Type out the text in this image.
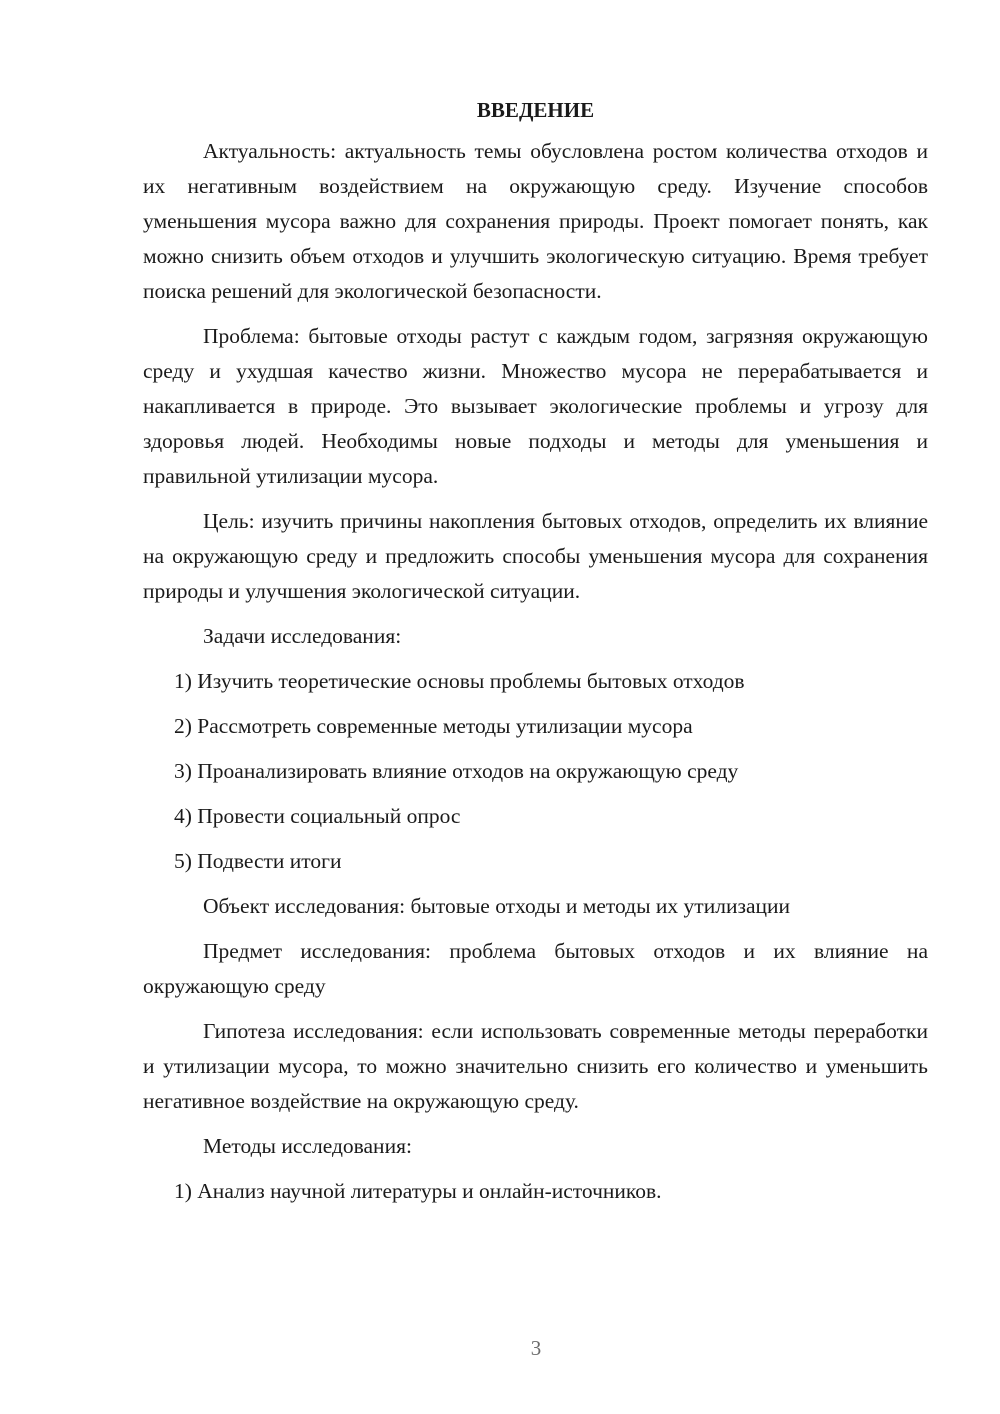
ВВЕДЕНИЕ

Актуальность: актуальность темы обусловлена ростом количества отходов и их негативным воздействием на окружающую среду. Изучение способов уменьшения мусора важно для сохранения природы. Проект помогает понять, как можно снизить объем отходов и улучшить экологическую ситуацию. Время требует поиска решений для экологической безопасности.

Проблема: бытовые отходы растут с каждым годом, загрязняя окружающую среду и ухудшая качество жизни. Множество мусора не перерабатывается и накапливается в природе. Это вызывает экологические проблемы и угрозу для здоровья людей. Необходимы новые подходы и методы для уменьшения и правильной утилизации мусора.

Цель: изучить причины накопления бытовых отходов, определить их влияние на окружающую среду и предложить способы уменьшения мусора для сохранения природы и улучшения экологической ситуации.

Задачи исследования:
1) Изучить теоретические основы проблемы бытовых отходов
2) Рассмотреть современные методы утилизации мусора
3) Проанализировать влияние отходов на окружающую среду
4) Провести социальный опрос
5) Подвести итоги
Объект исследования: бытовые отходы и методы их утилизации

Предмет исследования: проблема бытовых отходов и их влияние на окружающую среду

Гипотеза исследования: если использовать современные методы переработки и утилизации мусора, то можно значительно снизить его количество и уменьшить негативное воздействие на окружающую среду.

Методы исследования:
1) Анализ научной литературы и онлайн-источников.
3
